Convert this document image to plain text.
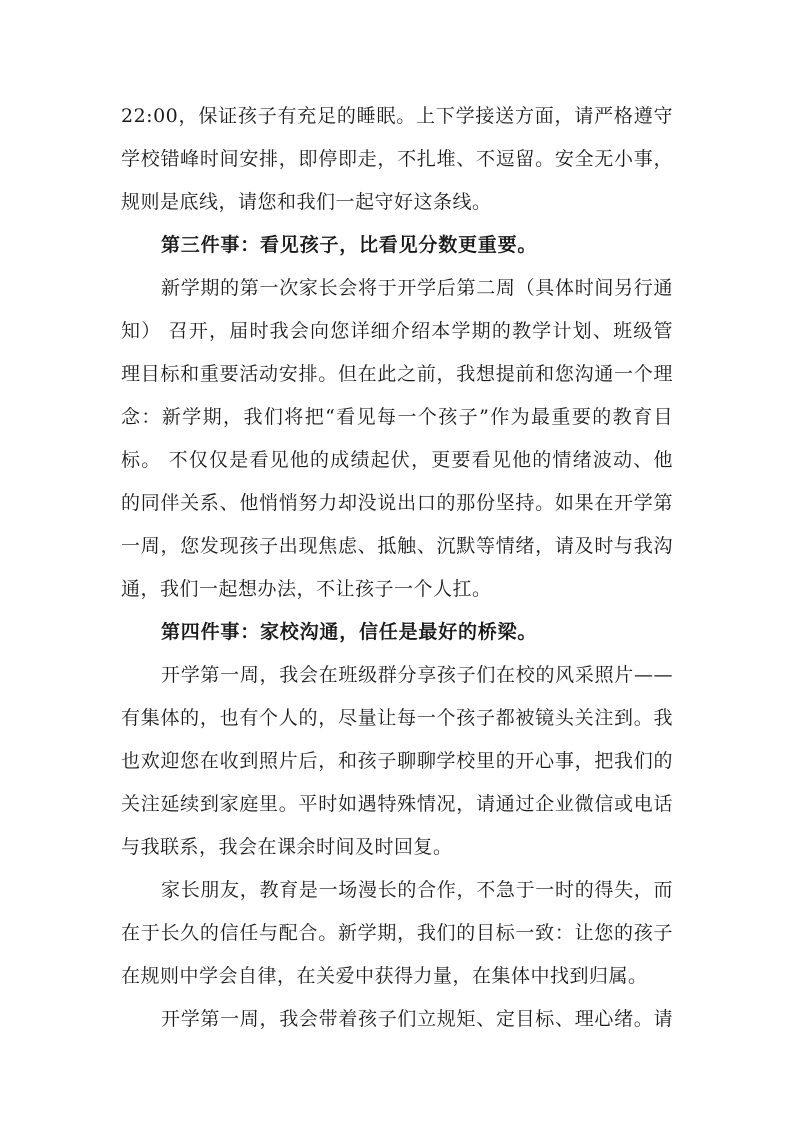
22:00，保证孩子有充足的睡眠。上下学接送方面，请严格遵守
学校错峰时间安排，即停即走，不扎堆、不逗留。安全无小事，
规则是底线，请您和我们一起守好这条线。
第三件事：看见孩子，比看见分数更重要。
新学期的第一次家长会将于开学后第二周（具体时间另行通
知） 召开，届时我会向您详细介绍本学期的教学计划、班级管
理目标和重要活动安排。但在此之前，我想提前和您沟通一个理
念：新学期，我们将把“看见每一个孩子”作为最重要的教育目
标。 不仅仅是看见他的成绩起伏，更要看见他的情绪波动、他
的同伴关系、他悄悄努力却没说出口的那份坚持。如果在开学第
一周，您发现孩子出现焦虑、抵触、沉默等情绪，请及时与我沟
通，我们一起想办法，不让孩子一个人扛。
第四件事：家校沟通，信任是最好的桥梁。
开学第一周，我会在班级群分享孩子们在校的风采照片——
有集体的，也有个人的，尽量让每一个孩子都被镜头关注到。我
也欢迎您在收到照片后，和孩子聊聊学校里的开心事，把我们的
关注延续到家庭里。平时如遇特殊情况，请通过企业微信或电话
与我联系，我会在课余时间及时回复。
家长朋友，教育是一场漫长的合作，不急于一时的得失，而
在于长久的信任与配合。新学期，我们的目标一致：让您的孩子
在规则中学会自律，在关爱中获得力量，在集体中找到归属。
开学第一周，我会带着孩子们立规矩、定目标、理心绪。请
